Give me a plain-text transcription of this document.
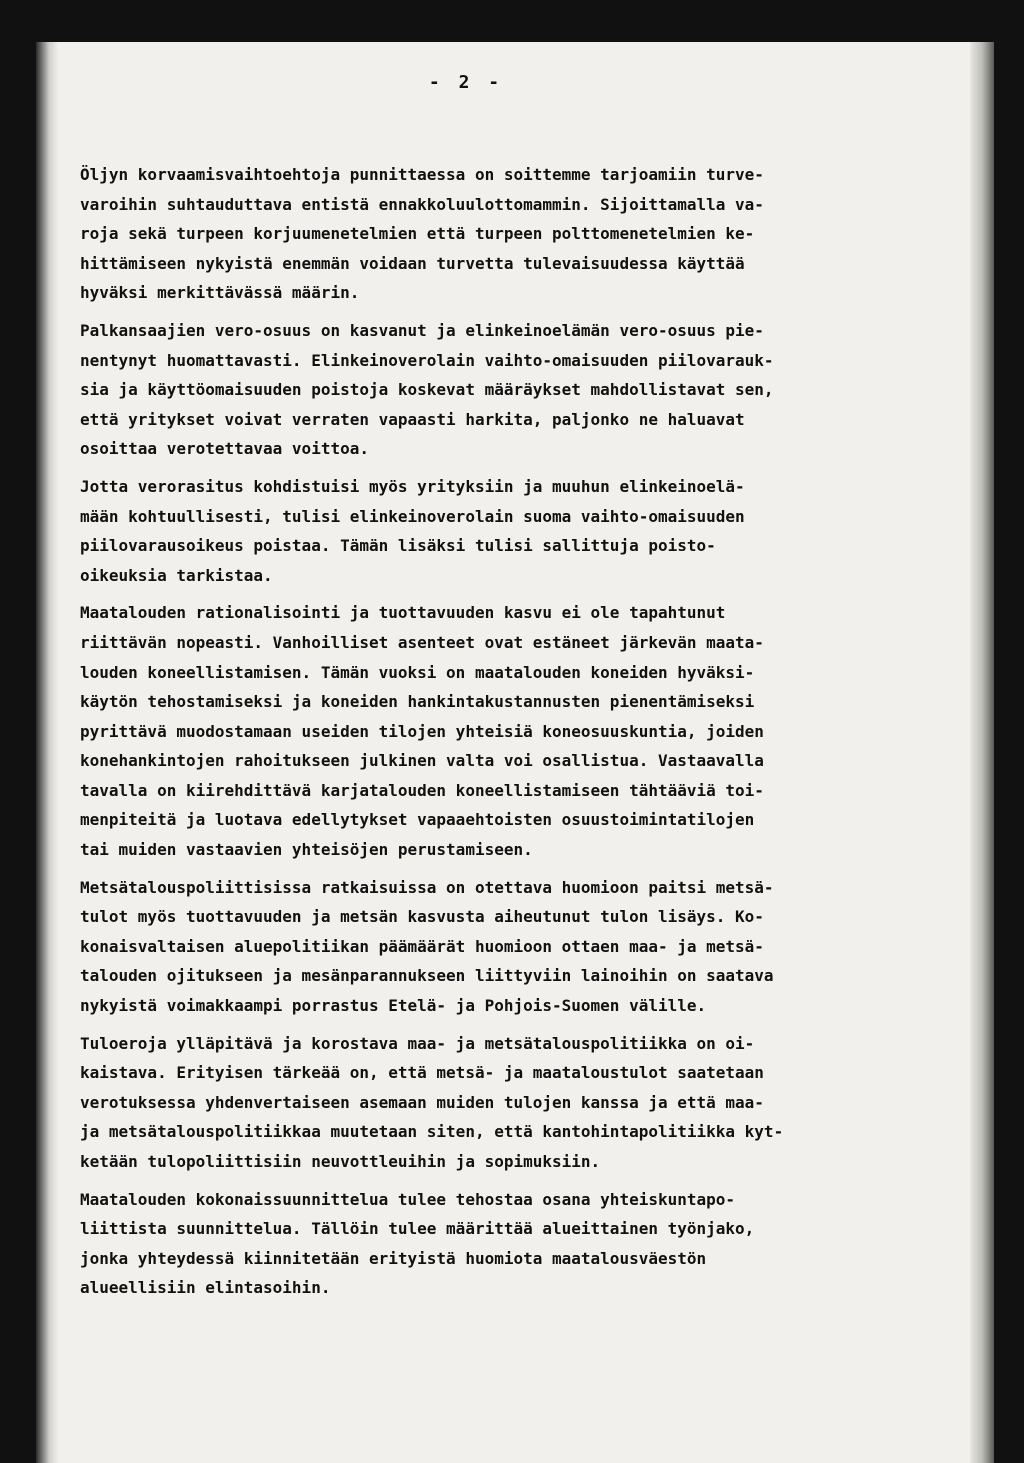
- 2 -
Öljyn korvaamisvaihtoehtoja punnittaessa on soittemme tarjoamiin turve-
varoihin suhtauduttava entistä ennakkoluulottomammin. Sijoittamalla va-
roja sekä turpeen korjuumenetelmien että turpeen polttomenetelmien ke-
hittämiseen nykyistä enemmän voidaan turvetta tulevaisuudessa käyttää
hyväksi merkittävässä määrin.
Palkansaajien vero-osuus on kasvanut ja elinkeinoelämän vero-osuus pie-
nentynyt huomattavasti. Elinkeinoverolain vaihto-omaisuuden piilovarauk-
sia ja käyttöomaisuuden poistoja koskevat määräykset mahdollistavat sen,
että yritykset voivat verraten vapaasti harkita, paljonko ne haluavat
osoittaa verotettavaa voittoa.
Jotta verorasitus kohdistuisi myös yrityksiin ja muuhun elinkeinoelä-
mään kohtuullisesti, tulisi elinkeinoverolain suoma vaihto-omaisuuden
piilovarausoikeus poistaa. Tämän lisäksi tulisi sallittuja poisto-
oikeuksia tarkistaa.
Maatalouden rationalisointi ja tuottavuuden kasvu ei ole tapahtunut
riittävän nopeasti. Vanhoilliset asenteet ovat estäneet järkevän maata-
louden koneellistamisen. Tämän vuoksi on maatalouden koneiden hyväksi-
käytön tehostamiseksi ja koneiden hankintakustannusten pienentämiseksi
pyrittävä muodostamaan useiden tilojen yhteisiä koneosuuskuntia, joiden
konehankintojen rahoitukseen julkinen valta voi osallistua. Vastaavalla
tavalla on kiirehdittävä karjatalouden koneellistamiseen tähtääviä toi-
menpiteitä ja luotava edellytykset vapaaehtoisten osuustoimintatilojen
tai muiden vastaavien yhteisöjen perustamiseen.
Metsätalouspoliittisissa ratkaisuissa on otettava huomioon paitsi metsä-
tulot myös tuottavuuden ja metsän kasvusta aiheutunut tulon lisäys. Ko-
konaisvaltaisen aluepolitiikan päämäärät huomioon ottaen maa- ja metsä-
talouden ojitukseen ja mesänparannukseen liittyviin lainoihin on saatava
nykyistä voimakkaampi porrastus Etelä- ja Pohjois-Suomen välille.
Tuloeroja ylläpitävä ja korostava maa- ja metsätalouspolitiikka on oi-
kaistava. Erityisen tärkeää on, että metsä- ja maataloustulot saatetaan
verotuksessa yhdenvertaiseen asemaan muiden tulojen kanssa ja että maa-
ja metsätalouspolitiikkaa muutetaan siten, että kantohintapolitiikka kyt-
ketään tulopoliittisiin neuvottleuihin ja sopimuksiin.
Maatalouden kokonaissuunnittelua tulee tehostaa osana yhteiskuntapo-
liittista suunnittelua. Tällöin tulee määrittää alueittainen työnjako,
jonka yhteydessä kiinnitetään erityistä huomiota maatalousväestön
alueellisiin elintasoihin.
